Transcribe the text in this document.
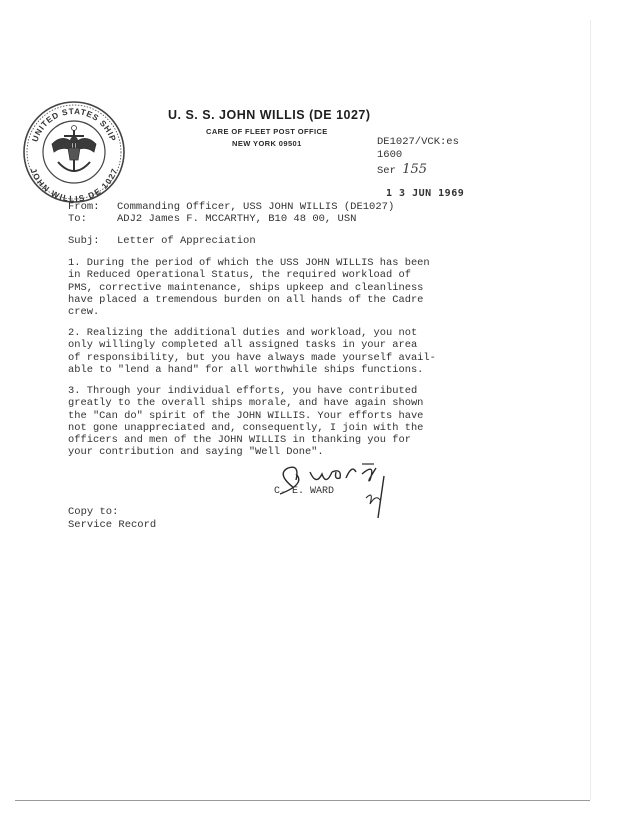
UNITED STATES SHIP
JOHN WILLIS DE 1027
U. S. S. JOHN WILLIS (DE 1027)
CARE OF FLEET POST OFFICE
NEW YORK 09501	DE1027/VCK:es
1600
Ser 155
1 3 JUN 1969
From: Commanding Officer, USS JOHN WILLIS (DE1027)
To:	ADJ2 James F. MCCARTHY, B10 48 00, USN
Subj: Letter of Appreciation
1. During the period of which the USS JOHN WILLIS has been
in Reduced Operational Status, the required workload of
PMS, corrective maintenance, ships upkeep and cleanliness
have placed a tremendous burden on all hands of the Cadre
crew.
2. Realizing the additional duties and workload, you not
only willingly completed all assigned tasks in your area
of responsibility, but you have always made yourself avail-
able to "lend a hand" for all worthwhile ships functions.
3. Through your individual efforts, you have contributed
greatly to the overall ships morale, and have again shown
the "Can do" spirit of the JOHN WILLIS. Your efforts have
not gone unappreciated and, consequently, I join with the
officers and men of the JOHN WILLIS in thanking you for
your contribution and saying "Well Done".
C. E. WARD
Copy to:
Service Record
